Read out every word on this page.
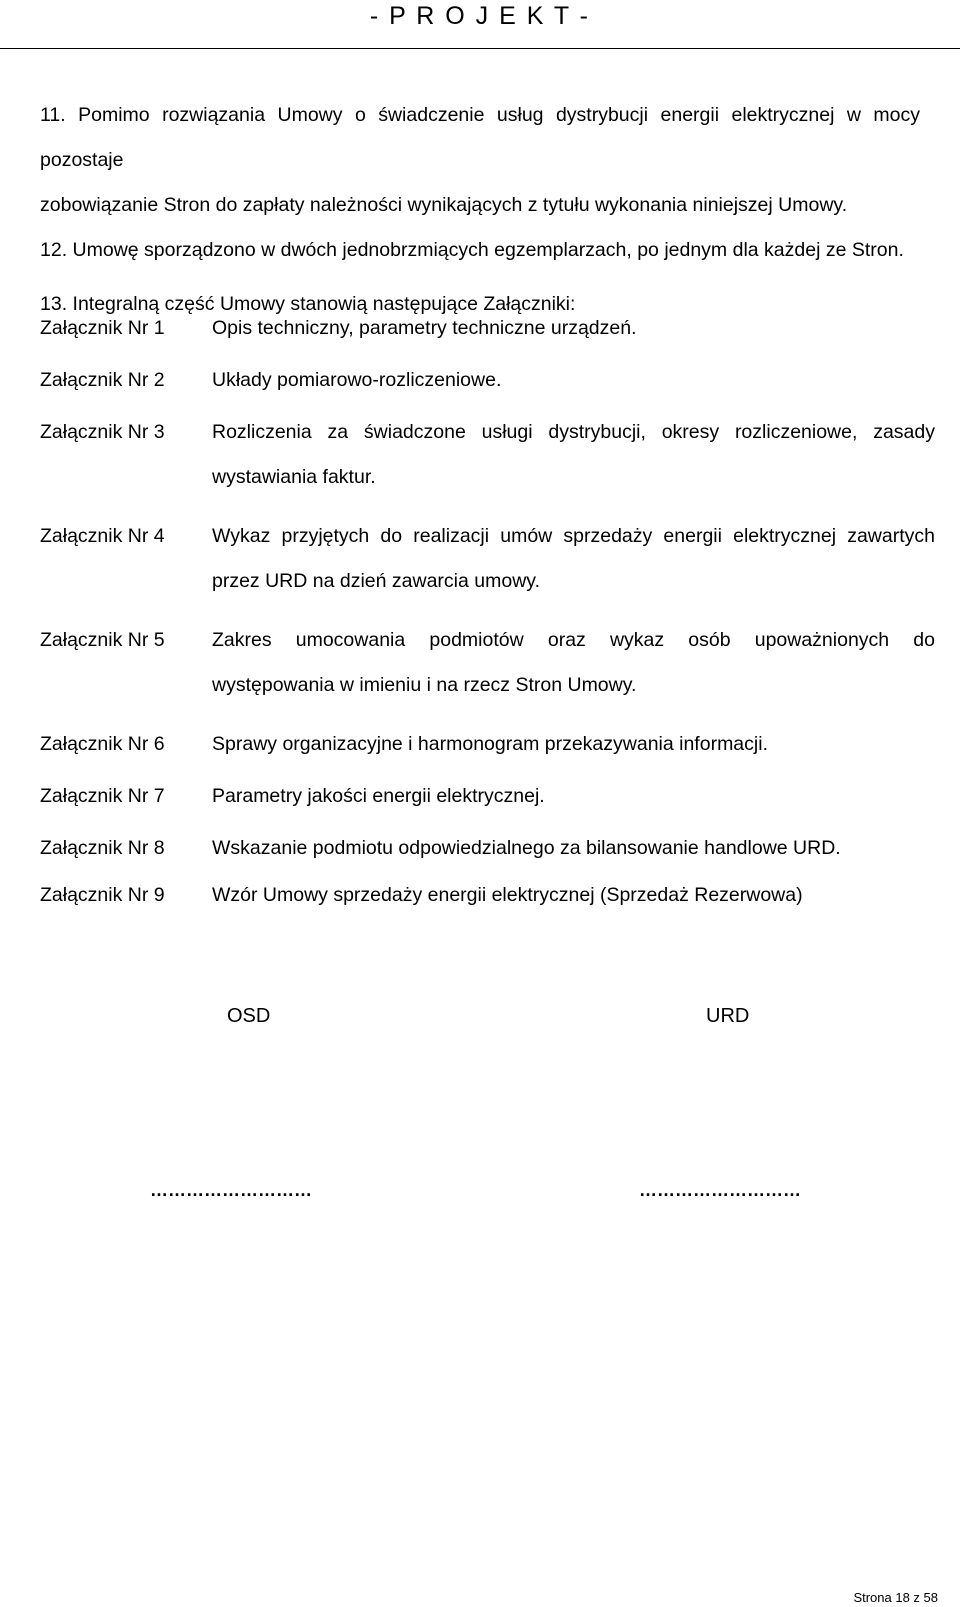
- P R O J E K T -
11. Pomimo rozwiązania Umowy o świadczenie usług dystrybucji energii elektrycznej w mocy pozostaje
zobowiązanie Stron do zapłaty należności wynikających z tytułu wykonania niniejszej Umowy.
12. Umowę sporządzono w dwóch jednobrzmiących egzemplarzach, po jednym dla każdej ze Stron.
13. Integralną część Umowy stanowią następujące Załączniki:
Załącznik Nr 1	Opis techniczny, parametry techniczne urządzeń.
Załącznik Nr 2	Układy pomiarowo-rozliczeniowe.
Załącznik Nr 3	Rozliczenia za świadczone usługi dystrybucji, okresy rozliczeniowe, zasady
wystawiania faktur.
Załącznik Nr 4	Wykaz przyjętych do realizacji umów sprzedaży energii elektrycznej zawartych
przez URD na dzień zawarcia umowy.
Załącznik Nr 5	Zakres umocowania podmiotów oraz wykaz osób upoważnionych do
występowania w imieniu i na rzecz Stron Umowy.
Załącznik Nr 6	Sprawy organizacyjne i harmonogram przekazywania informacji.
Załącznik Nr 7	Parametry jakości energii elektrycznej.
Załącznik Nr 8	Wskazanie podmiotu odpowiedzialnego za bilansowanie handlowe URD.
Załącznik Nr 9	Wzór Umowy sprzedaży energii elektrycznej (Sprzedaż Rezerwowa)
OSD	URD
………………………	………………………
Strona 18 z 58
